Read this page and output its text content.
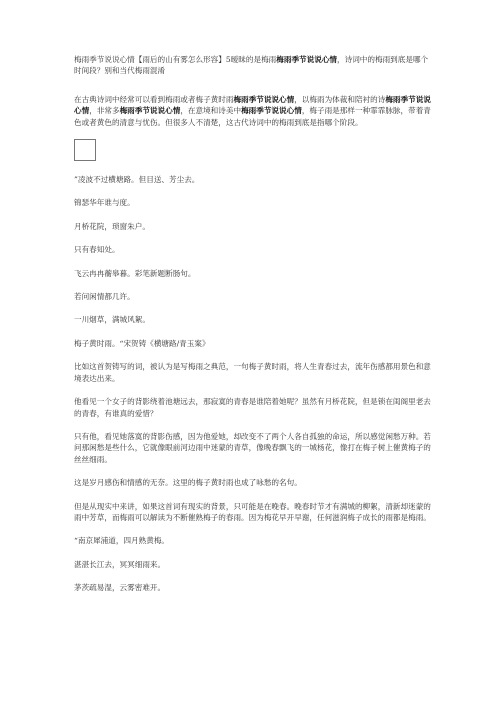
梅雨季节说说心情【雨后的山有雾怎么形容】5暧昧的是梅雨梅雨季节说说心情，诗词中的梅雨到底是哪个时间段？别和当代梅雨混淆

在古典诗词中经常可以看到梅雨或者梅子黄时雨梅雨季节说说心情，以梅雨为体裁和陪衬的诗梅雨季节说说心情，非常多梅雨季节说说心情，在意境和诗美中梅雨季节说说心情，梅子雨是那样一种霏霏脉脉，带着青色或者黄色的清意与忧伤。但很多人不清楚，这古代诗词中的梅雨到底是指哪个阶段。

”凌波不过横塘路。但目送、芳尘去。

锦瑟华年谁与度。

月桥花院，琐窗朱户。

只有春知处。

飞云冉冉蘅皋暮。彩笔新题断肠句。

若问闲情都几许。

一川烟草，满城风絮。

梅子黄时雨。“宋贺铸《横塘路/青玉案》

比如这首贺铸写的词，被认为是写梅雨之典范，一句梅子黄时雨，将人生青春过去，流年伤感都用景色和意境表达出来。

他看见一个女子的背影绕着池塘远去，那寂寞的青春是谁陪着她呢？虽然有月桥花院，但是锁在闺阁里老去的青春，有谁真的爱惜？

只有他，看见她落寞的背影伤感，因为他爱她，却改变不了两个人各自孤独的命运，所以感觉闲愁万种。若问那闲愁是些什么，它就像眼前河边雨中迷蒙的青草，像晚春飘飞的一城杨花，像打在梅子树上催黄梅子的丝丝细雨。

这是岁月感伤和情感的无奈。这里的梅子黄时雨也成了咏愁的名句。

但是从现实中来讲，如果这首词有现实的背景，只可能是在晚春。晚春时节才有满城的柳絮，清新却迷蒙的雨中芳草，而梅雨可以解读为不断催熟梅子的春雨。因为梅花早开早谢，任何滋润梅子成长的雨都是梅雨。

“南京犀浦道，四月熟黄梅。

湛湛长江去，冥冥细雨来。

茅茨疏易湿，云雾密难开。
